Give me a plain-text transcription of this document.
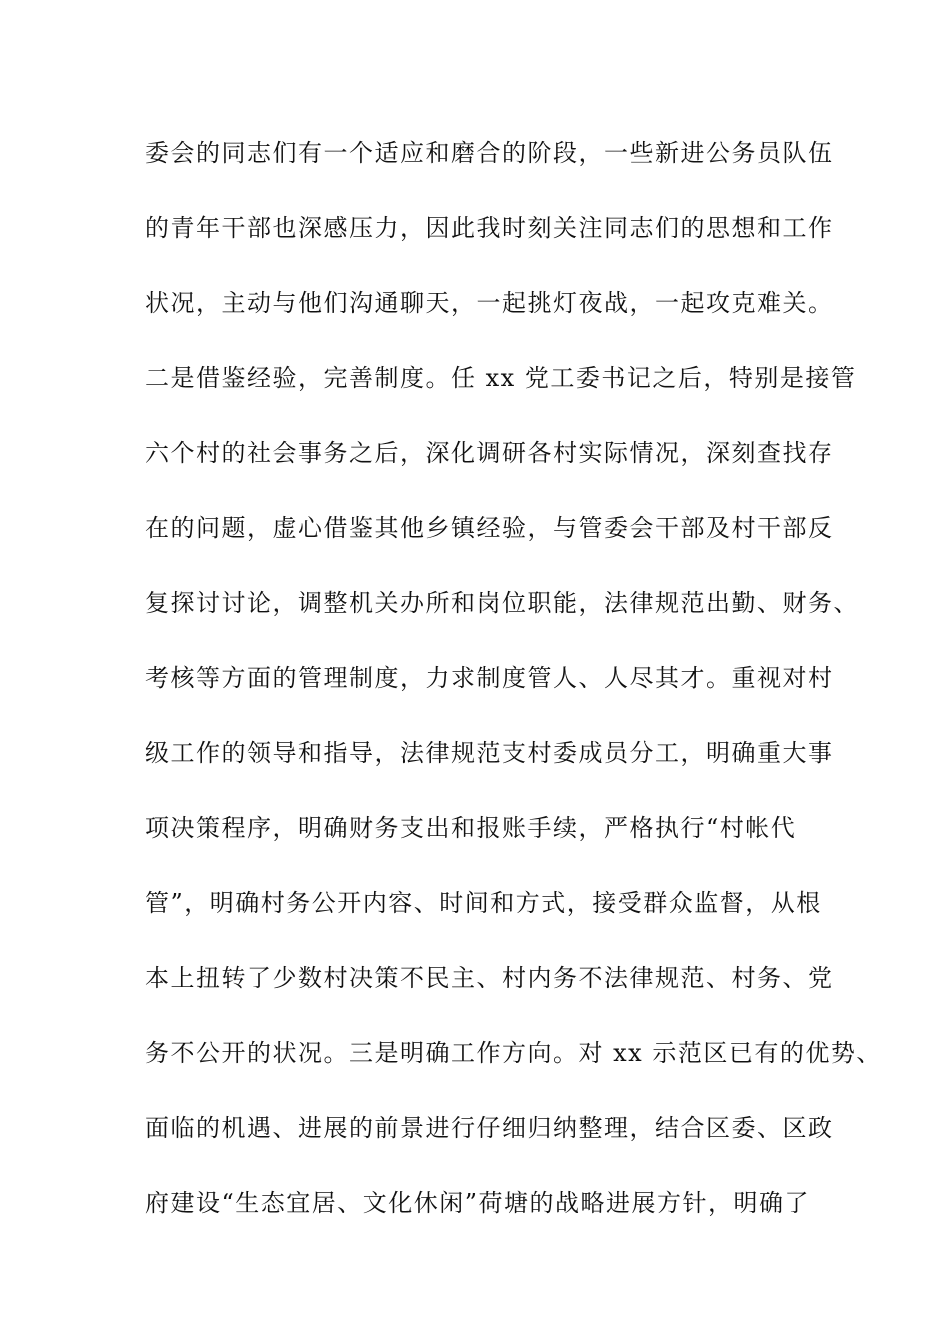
委会的同志们有一个适应和磨合的阶段，一些新进公务员队伍
的青年干部也深感压力，因此我时刻关注同志们的思想和工作
状况，主动与他们沟通聊天，一起挑灯夜战，一起攻克难关。
二是借鉴经验，完善制度。任 xx 党工委书记之后，特别是接管
六个村的社会事务之后，深化调研各村实际情况，深刻查找存
在的问题，虚心借鉴其他乡镇经验，与管委会干部及村干部反
复探讨讨论，调整机关办所和岗位职能，法律规范出勤、财务、
考核等方面的管理制度，力求制度管人、人尽其才。重视对村
级工作的领导和指导，法律规范支村委成员分工，明确重大事
项决策程序，明确财务支出和报账手续，严格执行“村帐代
管”，明确村务公开内容、时间和方式，接受群众监督，从根
本上扭转了少数村决策不民主、村内务不法律规范、村务、党
务不公开的状况。三是明确工作方向。对 xx 示范区已有的优势、
面临的机遇、进展的前景进行仔细归纳整理，结合区委、区政
府建设“生态宜居、文化休闲”荷塘的战略进展方针，明确了
